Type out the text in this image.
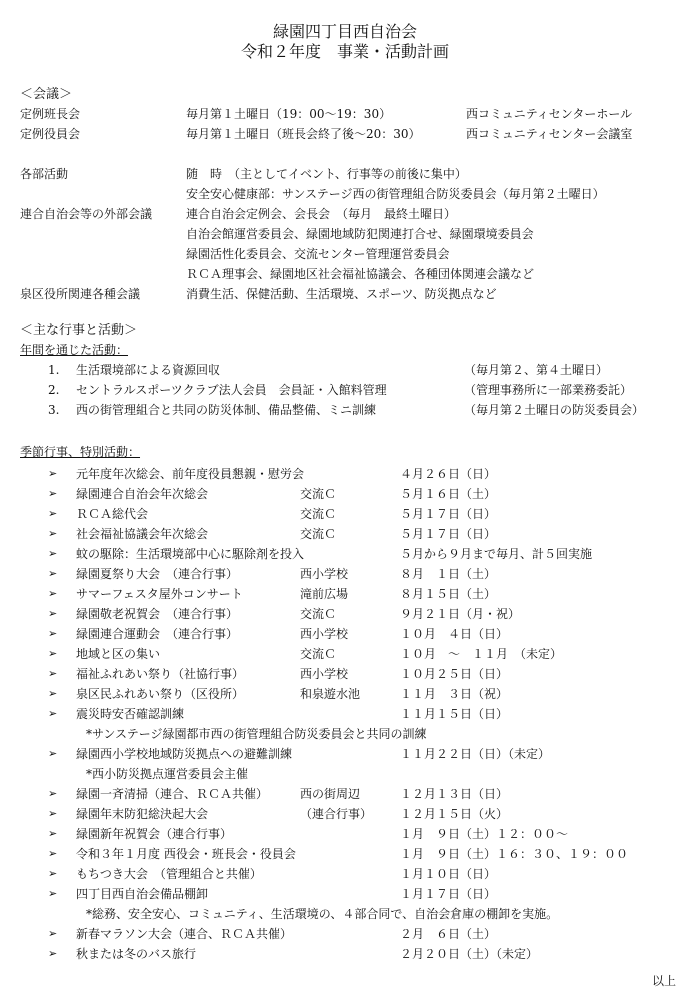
緑園四丁目西自治会
令和２年度　事業・活動計画
＜会議＞
定例班長会	毎月第１土曜日（19：00～19：30）	西コミュニティセンターホール
定例役員会	毎月第１土曜日（班長会終了後～20：30）	西コミュニティセンター会議室
各部活動	随　時　（主としてイベント、行事等の前後に集中）
安全安心健康部：サンステージ西の街管理組合防災委員会（毎月第２土曜日）
連合自治会等の外部会議	連合自治会定例会、会長会　（毎月　最終土曜日）
自治会館運営委員会、緑園地域防犯関連打合せ、緑園環境委員会
緑園活性化委員会、交流センター管理運営委員会
ＲＣＡ理事会、緑園地区社会福祉協議会、各種団体関連会議など
泉区役所関連各種会議	消費生活、保健活動、生活環境、スポーツ、防災拠点など
＜主な行事と活動＞
年間を通じた活動：
1. 生活環境部による資源回収	（毎月第２、第４土曜日）
2. セントラルスポーツクラブ法人会員　会員証・入館料管理	（管理事務所に一部業務委託）
3. 西の街管理組合と共同の防災体制、備品整備、ミニ訓練	（毎月第２土曜日の防災委員会）
季節行事、特別活動：
➢ 元年度年次総会、前年度役員懇親・慰労会	４月２６日（日）
➢ 緑園連合自治会年次総会	交流Ｃ	５月１６日（土）
➢ ＲＣＡ総代会	交流Ｃ	５月１７日（日）
➢ 社会福祉協議会年次総会	交流Ｃ	５月１７日（日）
➢ 蚊の駆除：生活環境部中心に駆除剤を投入	５月から９月まで毎月、計５回実施
➢ 緑園夏祭り大会　（連合行事）	西小学校	８月　１日（土）
➢ サマーフェスタ屋外コンサート	滝前広場	８月１５日（土）
➢ 緑園敬老祝賀会　（連合行事）	交流Ｃ	９月２１日（月・祝）
➢ 緑園連合運動会　（連合行事）	西小学校	１０月　４日（日）
➢ 地域と区の集い	交流Ｃ	１０月　～　１１月　（未定）
➢ 福祉ふれあい祭り（社協行事）	西小学校	１０月２５日（日）
➢ 泉区民ふれあい祭り（区役所）	和泉遊水池	１１月　３日（祝）
➢ 震災時安否確認訓練	１１月１５日（日）
*サンステージ緑園都市西の街管理組合防災委員会と共同の訓練
➢ 緑園西小学校地域防災拠点への避難訓練	１１月２２日（日）（未定）
*西小防災拠点運営委員会主催
➢ 緑園一斉清掃（連合、ＲＣＡ共催）	西の街周辺	１２月１３日（日）
➢ 緑園年末防犯総決起大会	（連合行事） １２月１５日（火）
➢ 緑園新年祝賀会（連合行事）	１月　９日（土）１２：００～
➢ 令和３年１月度 西役会・班長会・役員会	１月　９日（土）１６：３０、１９：００
➢ もちつき大会　（管理組合と共催）	１月１０日（日）
➢ 四丁目西自治会備品棚卸	１月１７日（日）
*総務、安全安心、コミュニティ、生活環境の、４部合同で、自治会倉庫の棚卸を実施。
➢ 新春マラソン大会（連合、ＲＣＡ共催）	２月　６日（土）
➢ 秋または冬のバス旅行	２月２０日（土）（未定）
以上
